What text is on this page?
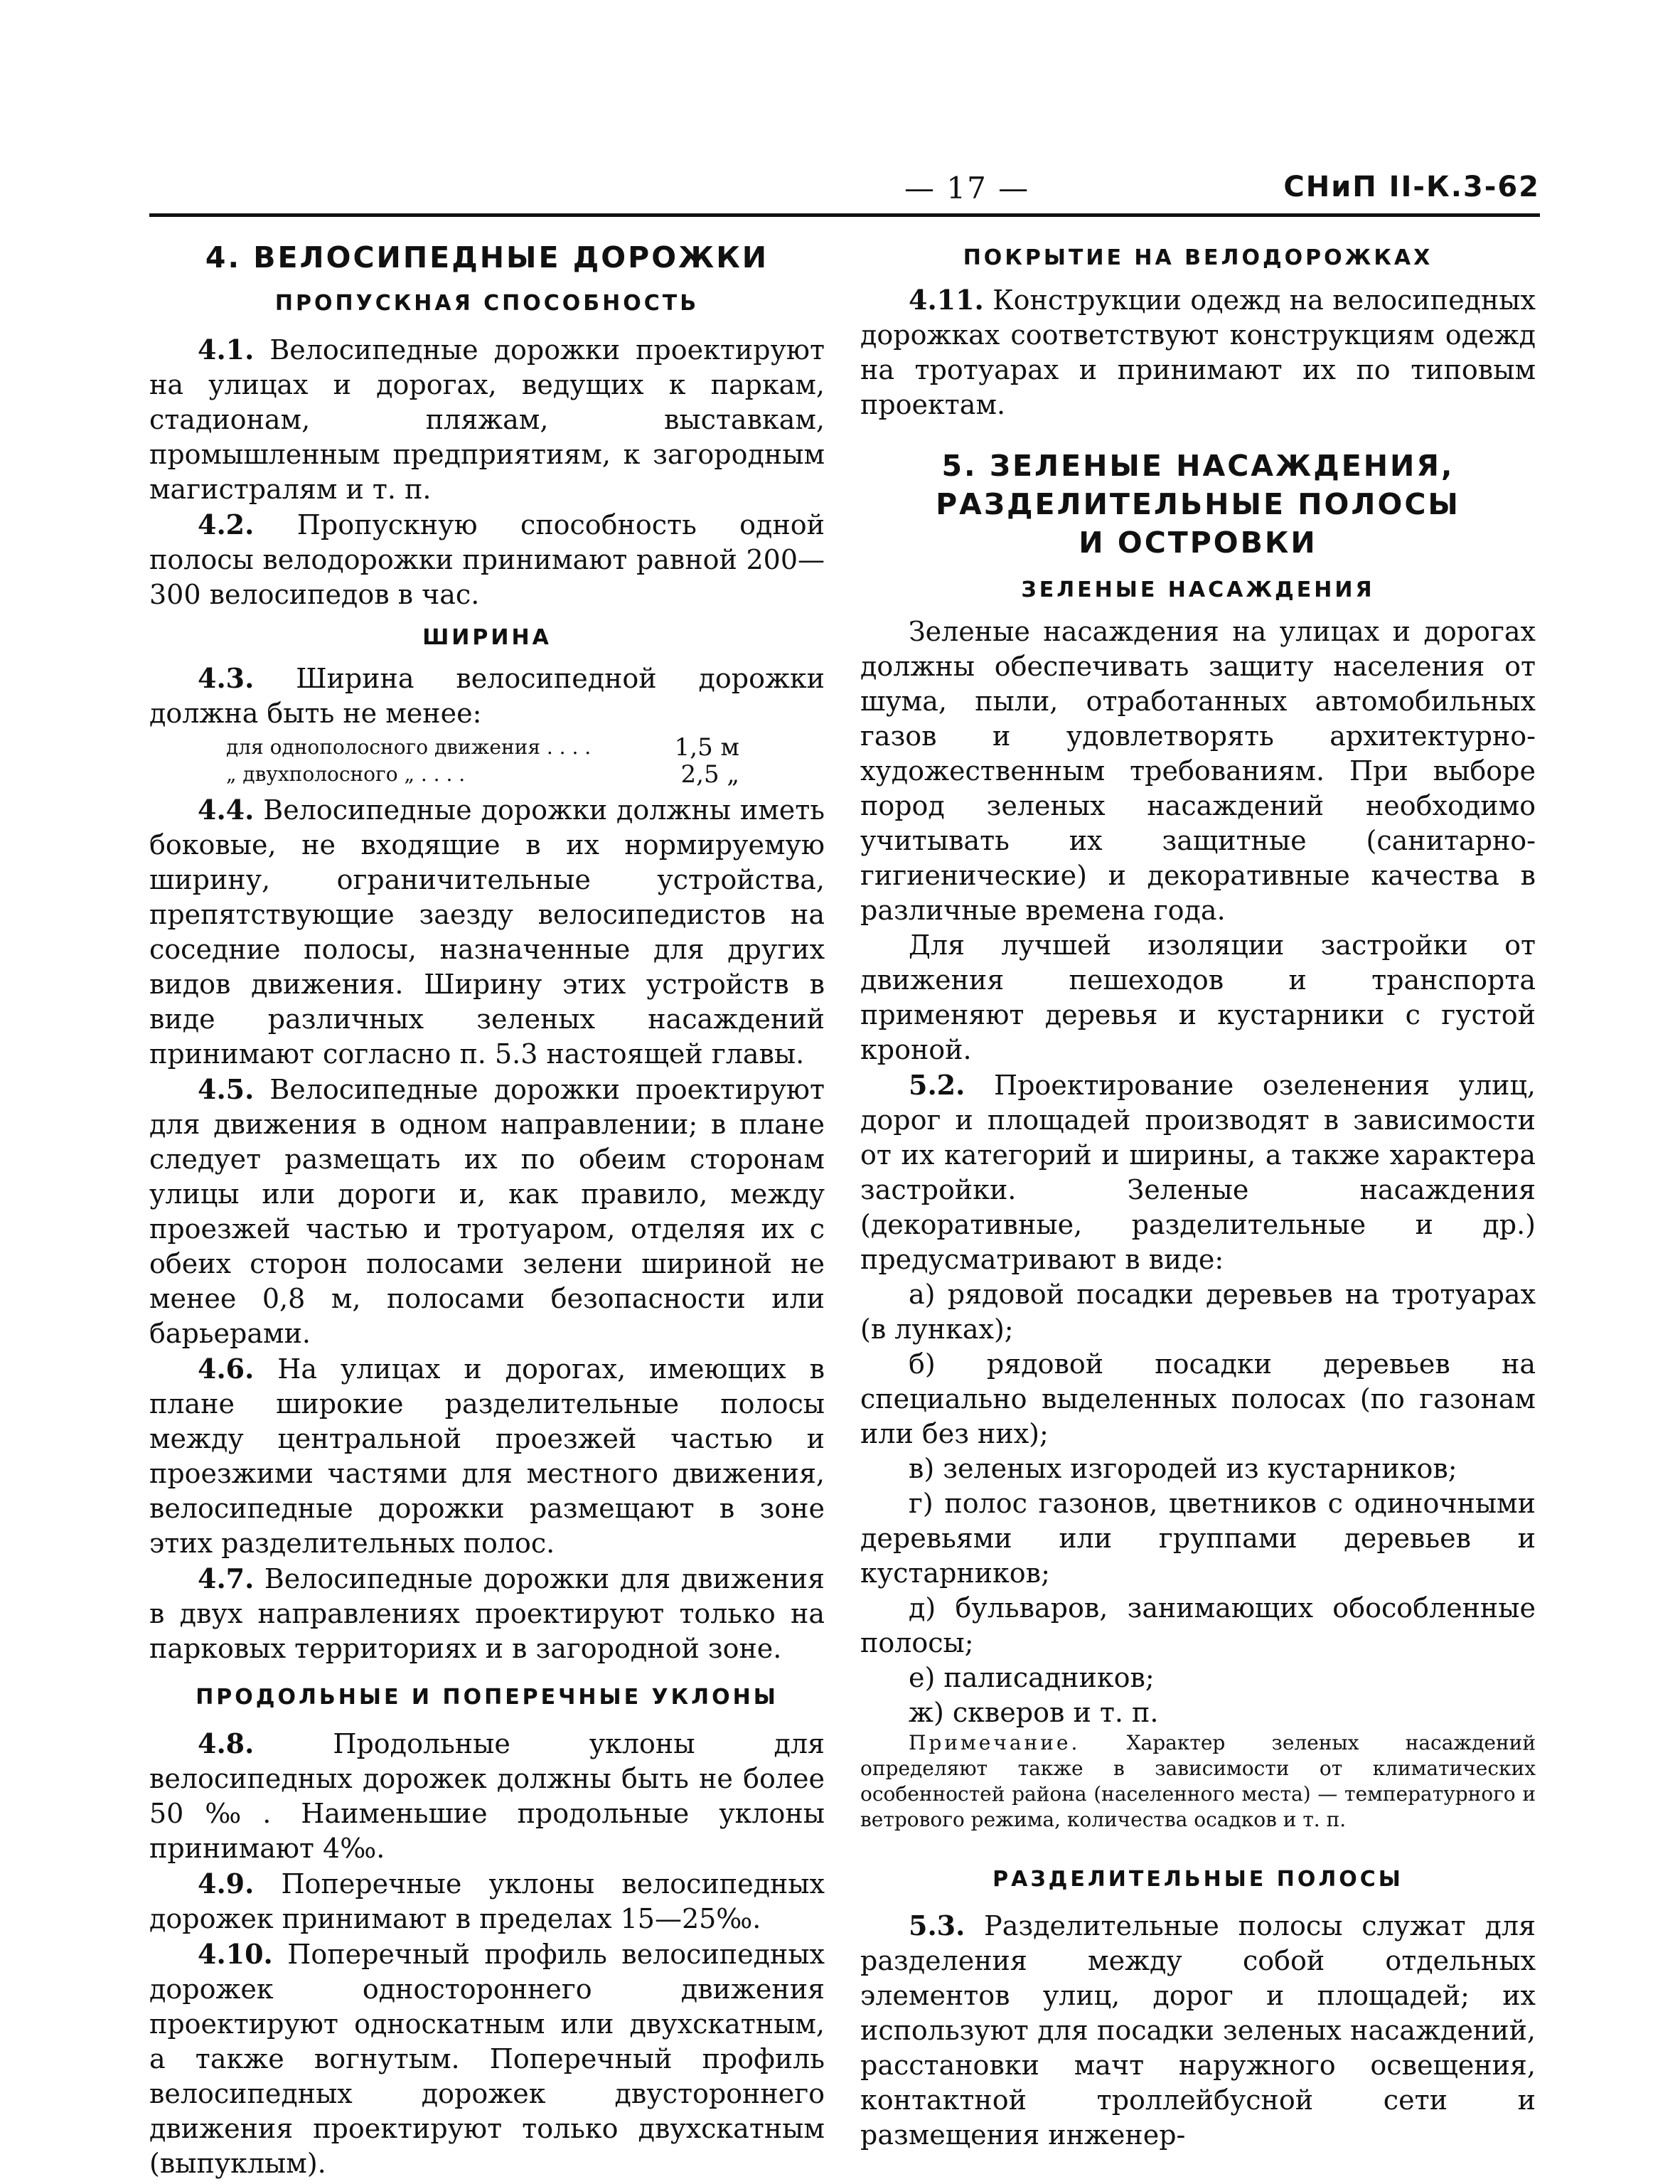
— 17 —	СНиП II-К.3-62
4. ВЕЛОСИПЕДНЫЕ ДОРОЖКИ
ПРОПУСКНАЯ СПОСОБНОСТЬ

4.1. Велосипедные дорожки проектируют на улицах и дорогах, ведущих к паркам, стадионам, пляжам, выставкам, промышленным предприятиям, к загородным магистралям и т. п.

4.2. Пропускную способность одной полосы велодорожки принимают равной 200—300 велосипедов в час.

ШИРИНА

4.3. Ширина велосипедной дорожки должна быть не менее:

для однополосного движения . . . .	1,5 м
„ двухполосного „ . . . .	2,5 „

4.4. Велосипедные дорожки должны иметь боковые, не входящие в их нормируемую ширину, ограничительные устройства, препятствующие заезду велосипедистов на соседние полосы, назначенные для других видов движения. Ширину этих устройств в виде различных зеленых насаждений принимают согласно п. 5.3 настоящей главы.

4.5. Велосипедные дорожки проектируют для движения в одном направлении; в плане следует размещать их по обеим сторонам улицы или дороги и, как правило, между проезжей частью и тротуаром, отделяя их с обеих сторон полосами зелени шириной не менее 0,8 м, полосами безопасности или барьерами.

4.6. На улицах и дорогах, имеющих в плане широкие разделительные полосы между центральной проезжей частью и проезжими частями для местного движения, велосипедные дорожки размещают в зоне этих разделительных полос.

4.7. Велосипедные дорожки для движения в двух направлениях проектируют только на парковых территориях и в загородной зоне.

ПРОДОЛЬНЫЕ И ПОПЕРЕЧНЫЕ УКЛОНЫ

4.8.	Продольные уклоны для велосипедных дорожек должны быть не более 50‰. Наименьшие продольные уклоны принимают 4‰.

4.9. Поперечные уклоны велосипедных дорожек принимают в пределах 15—25‰.

4.10. Поперечный профиль велосипедных дорожек одностороннего движения проектируют односкатным или двухскатным, а также вогнутым. Поперечный профиль велосипедных дорожек двустороннего движения проектируют только двухскатным (выпуклым).

ПОКРЫТИЕ НА ВЕЛОДОРОЖКАХ

4.11. Конструкции одежд на велосипедных дорожках соответствуют конструкциям одежд на тротуарах и принимают их по типовым проектам.

5. ЗЕЛЕНЫЕ НАСАЖДЕНИЯ,
РАЗДЕЛИТЕЛЬНЫЕ ПОЛОСЫ
И ОСТРОВКИ
ЗЕЛЕНЫЕ НАСАЖДЕНИЯ

Зеленые насаждения на улицах и дорогах должны обеспечивать защиту населения от шума, пыли, отработанных автомобильных газов и удовлетворять архитектурно-художественным требованиям. При выборе пород зеленых насаждений необходимо учитывать их защитные (санитарно-гигиенические) и декоративные качества в различные времена года.

Для лучшей изоляции застройки от движения пешеходов и транспорта применяют деревья и кустарники с густой кроной.

5.2. Проектирование озеленения улиц, дорог и площадей производят в зависимости от их категорий и ширины, а также характера застройки. Зеленые насаждения (декоративные, разделительные и др.) предусматривают в виде:

а) рядовой посадки деревьев на тротуарах (в лунках);

б) рядовой посадки деревьев на специально выделенных полосах (по газонам или без них);

в) зеленых изгородей из кустарников;

г) полос газонов, цветников с одиночными деревьями или группами деревьев и кустарников;

д) бульваров, занимающих обособленные полосы;

е) палисадников;

ж) скверов и т. п.

Примечание. Характер зеленых насаждений определяют также в зависимости от климатических особенностей района (населенного места) — температурного и ветрового режима, количества осадков и т. п.

РАЗДЕЛИТЕЛЬНЫЕ ПОЛОСЫ

5.3. Разделительные полосы служат для разделения между собой отдельных элементов улиц, дорог и площадей; их используют для посадки зеленых насаждений, расстановки мачт наружного освещения, контактной троллейбусной сети и размещения инженер-
